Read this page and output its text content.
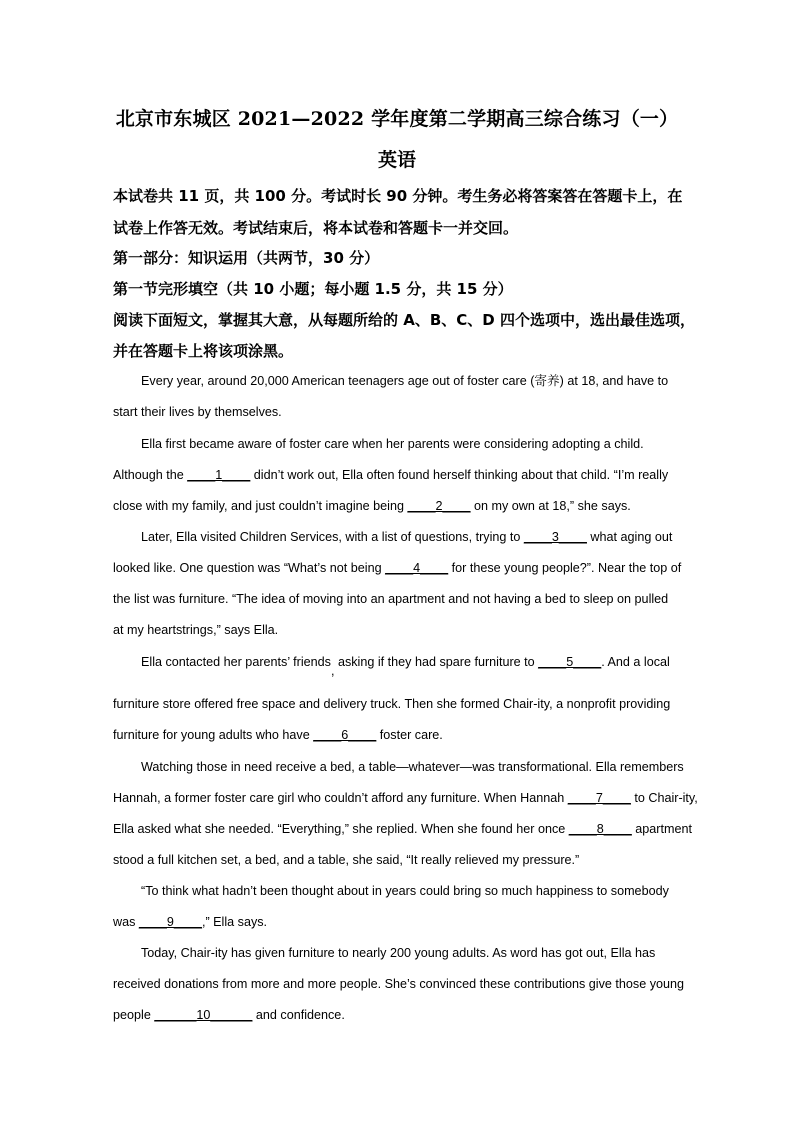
北京市东城区 2021—2022 学年度第二学期高三综合练习（一）
英语
本试卷共 11 页，共 100 分。考试时长 90 分钟。考生务必将答案答在答题卡上，在
试卷上作答无效。考试结束后，将本试卷和答题卡一并交回。
第一部分：知识运用（共两节，30 分）
第一节完形填空（共 10 小题；每小题 1.5 分，共 15 分）
阅读下面短文，掌握其大意，从每题所给的 A、B、C、D 四个选项中，选出最佳选项，
并在答题卡上将该项涂黑。

Every year, around 20,000 American teenagers age out of foster care (寄养) at 18, and have to

start their lives by themselves.

Ella first became aware of foster care when her parents were considering adopting a child.

Although the ____1____ didn’t work out, Ella often found herself thinking about that child. “I’m really
close with my family, and just couldn’t imagine being ____2____ on my own at 18,” she says.

Later, Ella visited Children Services, with a list of questions, trying to ____3____ what aging out

looked like. One question was “What’s not being ____4____ for these young people?”. Near the top of
the list was furniture. “The idea of moving into an apartment and not having a bed to sleep on pulled
at my heartstrings,” says Ella.

Ella contacted her parents’ friends, asking if they had spare furniture to ____5____. And a local

furniture store offered free space and delivery truck. Then she formed Chair-ity, a nonprofit providing
furniture for young adults who have ____6____ foster care.

Watching those in need receive a bed, a table—whatever—was transformational. Ella remembers

Hannah, a former foster care girl who couldn’t afford any furniture. When Hannah ____7____ to Chair-ity,
Ella asked what she needed. “Everything,” she replied. When she found her once ____8____ apartment
stood a full kitchen set, a bed, and a table, she said, “It really relieved my pressure.”

“To think what hadn’t been thought about in years could bring so much happiness to somebody

was ____9____,” Ella says.

Today, Chair-ity has given furniture to nearly 200 young adults. As word has got out, Ella has

received donations from more and more people. She’s convinced these contributions give those young
people ______10______ and confidence.
